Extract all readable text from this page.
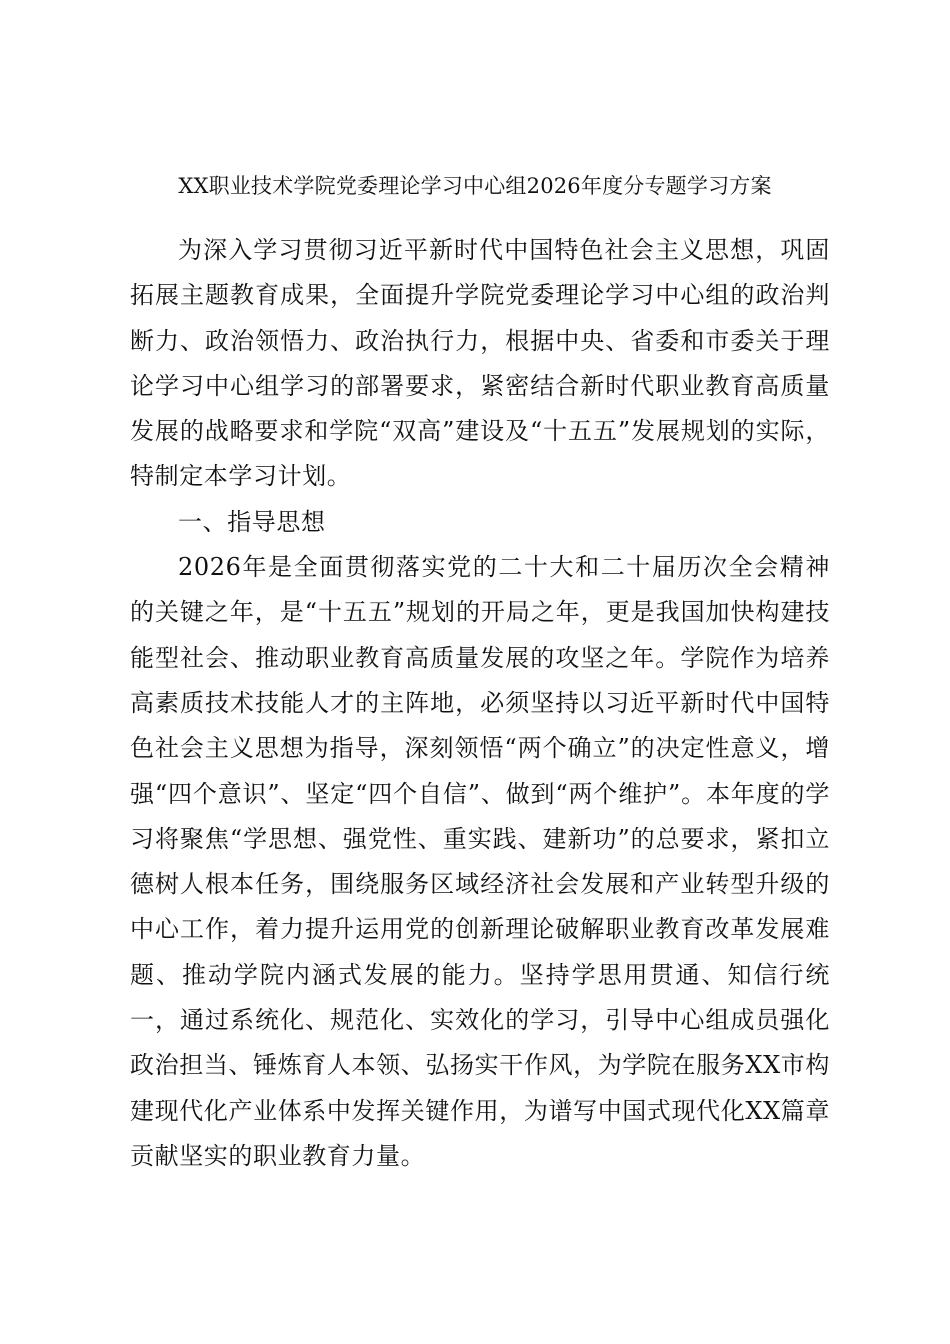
XX职业技术学院党委理论学习中心组2026年度分专题学习方案

为深入学习贯彻习近平新时代中国特色社会主义思想，巩固拓展主题教育成果，全面提升学院党委理论学习中心组的政治判断力、政治领悟力、政治执行力，根据中央、省委和市委关于理论学习中心组学习的部署要求，紧密结合新时代职业教育高质量发展的战略要求和学院“双高”建设及“十五五”发展规划的实际，特制定本学习计划。

一、指导思想

2026年是全面贯彻落实党的二十大和二十届历次全会精神的关键之年，是“十五五”规划的开局之年，更是我国加快构建技能型社会、推动职业教育高质量发展的攻坚之年。学院作为培养高素质技术技能人才的主阵地，必须坚持以习近平新时代中国特色社会主义思想为指导，深刻领悟“两个确立”的决定性意义，增强“四个意识”、坚定“四个自信”、做到“两个维护”。本年度的学习将聚焦“学思想、强党性、重实践、建新功”的总要求，紧扣立德树人根本任务，围绕服务区域经济社会发展和产业转型升级的中心工作，着力提升运用党的创新理论破解职业教育改革发展难题、推动学院内涵式发展的能力。坚持学思用贯通、知信行统一，通过系统化、规范化、实效化的学习，引导中心组成员强化政治担当、锤炼育人本领、弘扬实干作风，为学院在服务XX市构建现代化产业体系中发挥关键作用，为谱写中国式现代化XX篇章贡献坚实的职业教育力量。
